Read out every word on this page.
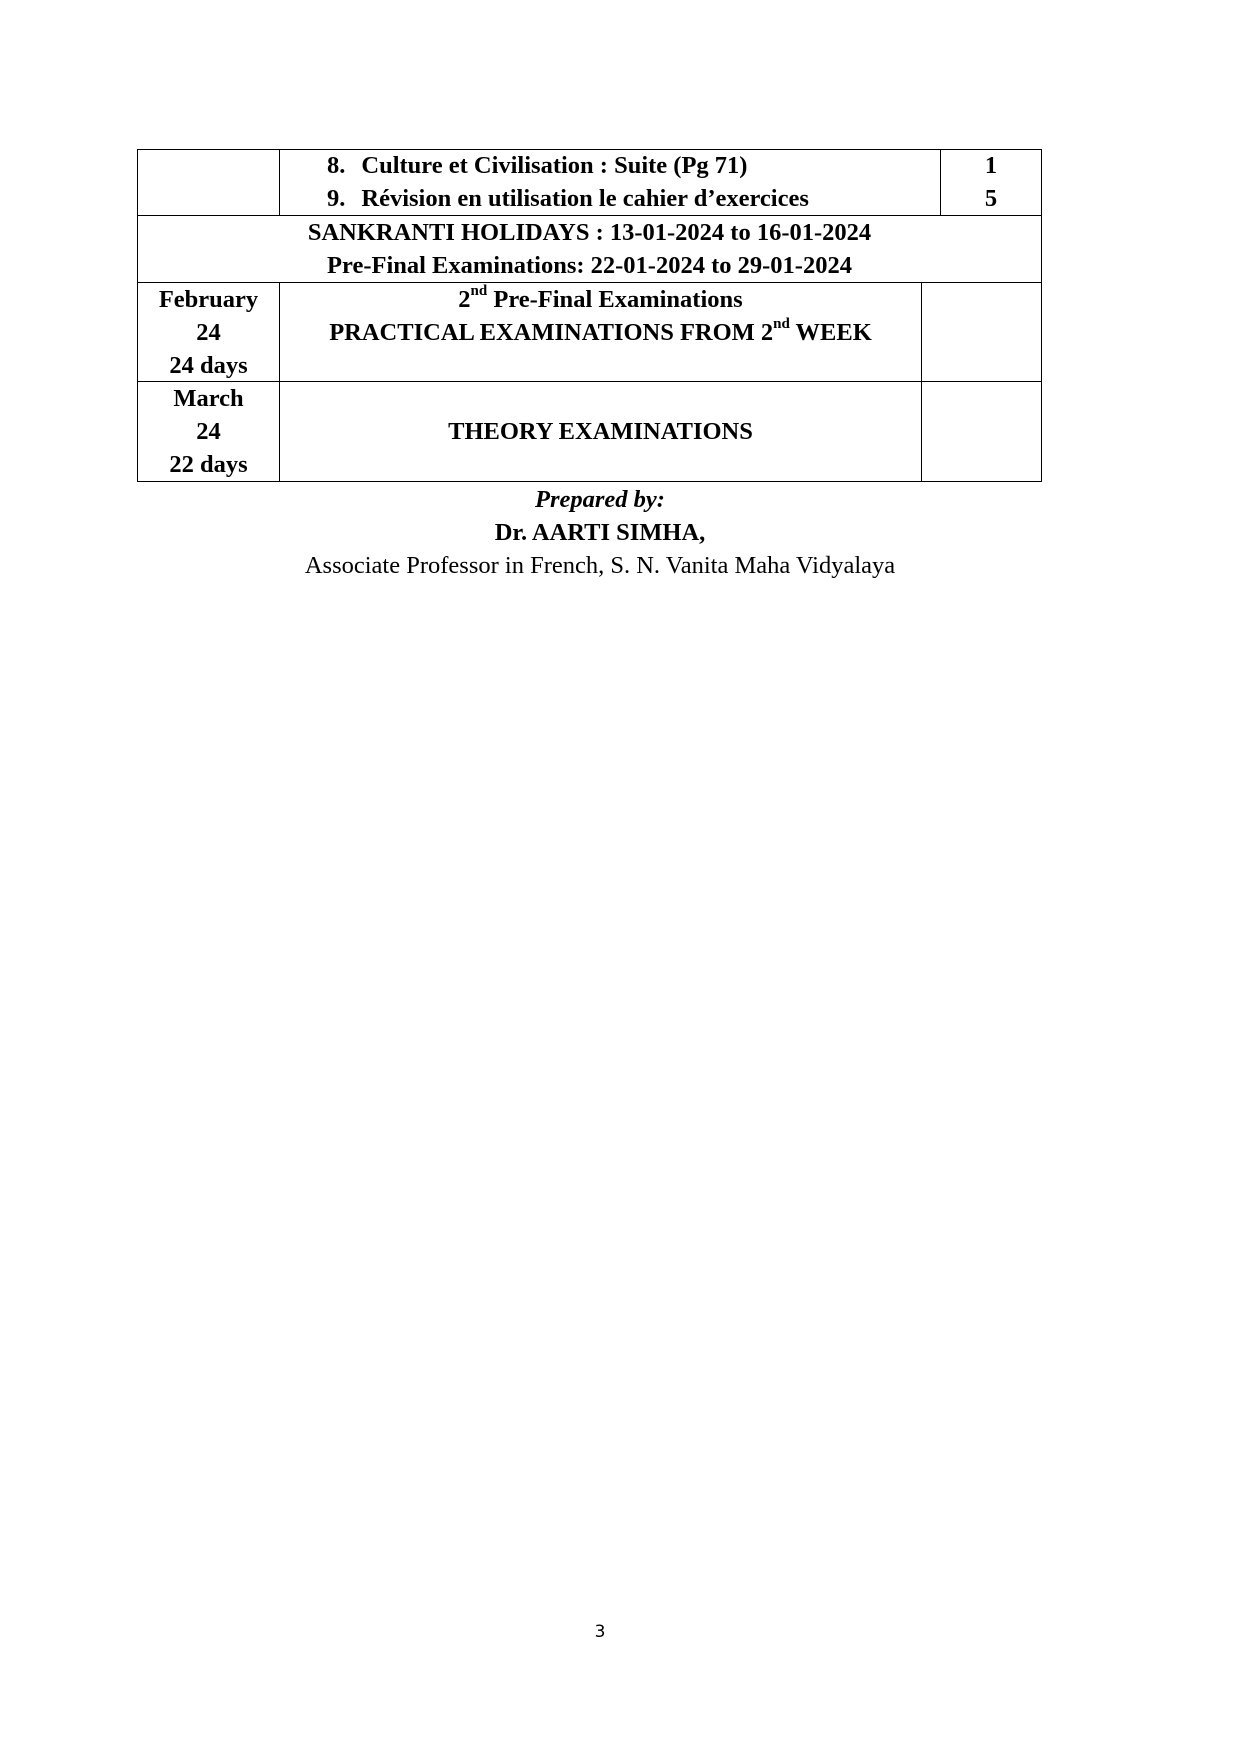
8. Culture et Civilisation : Suite (Pg 71)
9. Révision en utilisation le cahier d’exercices
1
5
SANKRANTI HOLIDAYS : 13-01-2024 to 16-01-2024
Pre-Final Examinations: 22-01-2024 to 29-01-2024
February
24
24 days
2nd Pre-Final Examinations
PRACTICAL EXAMINATIONS FROM 2nd WEEK
March
24
22 days
THEORY EXAMINATIONS
Prepared by:
Dr. AARTI SIMHA,
Associate Professor in French, S. N. Vanita Maha Vidyalaya
3
